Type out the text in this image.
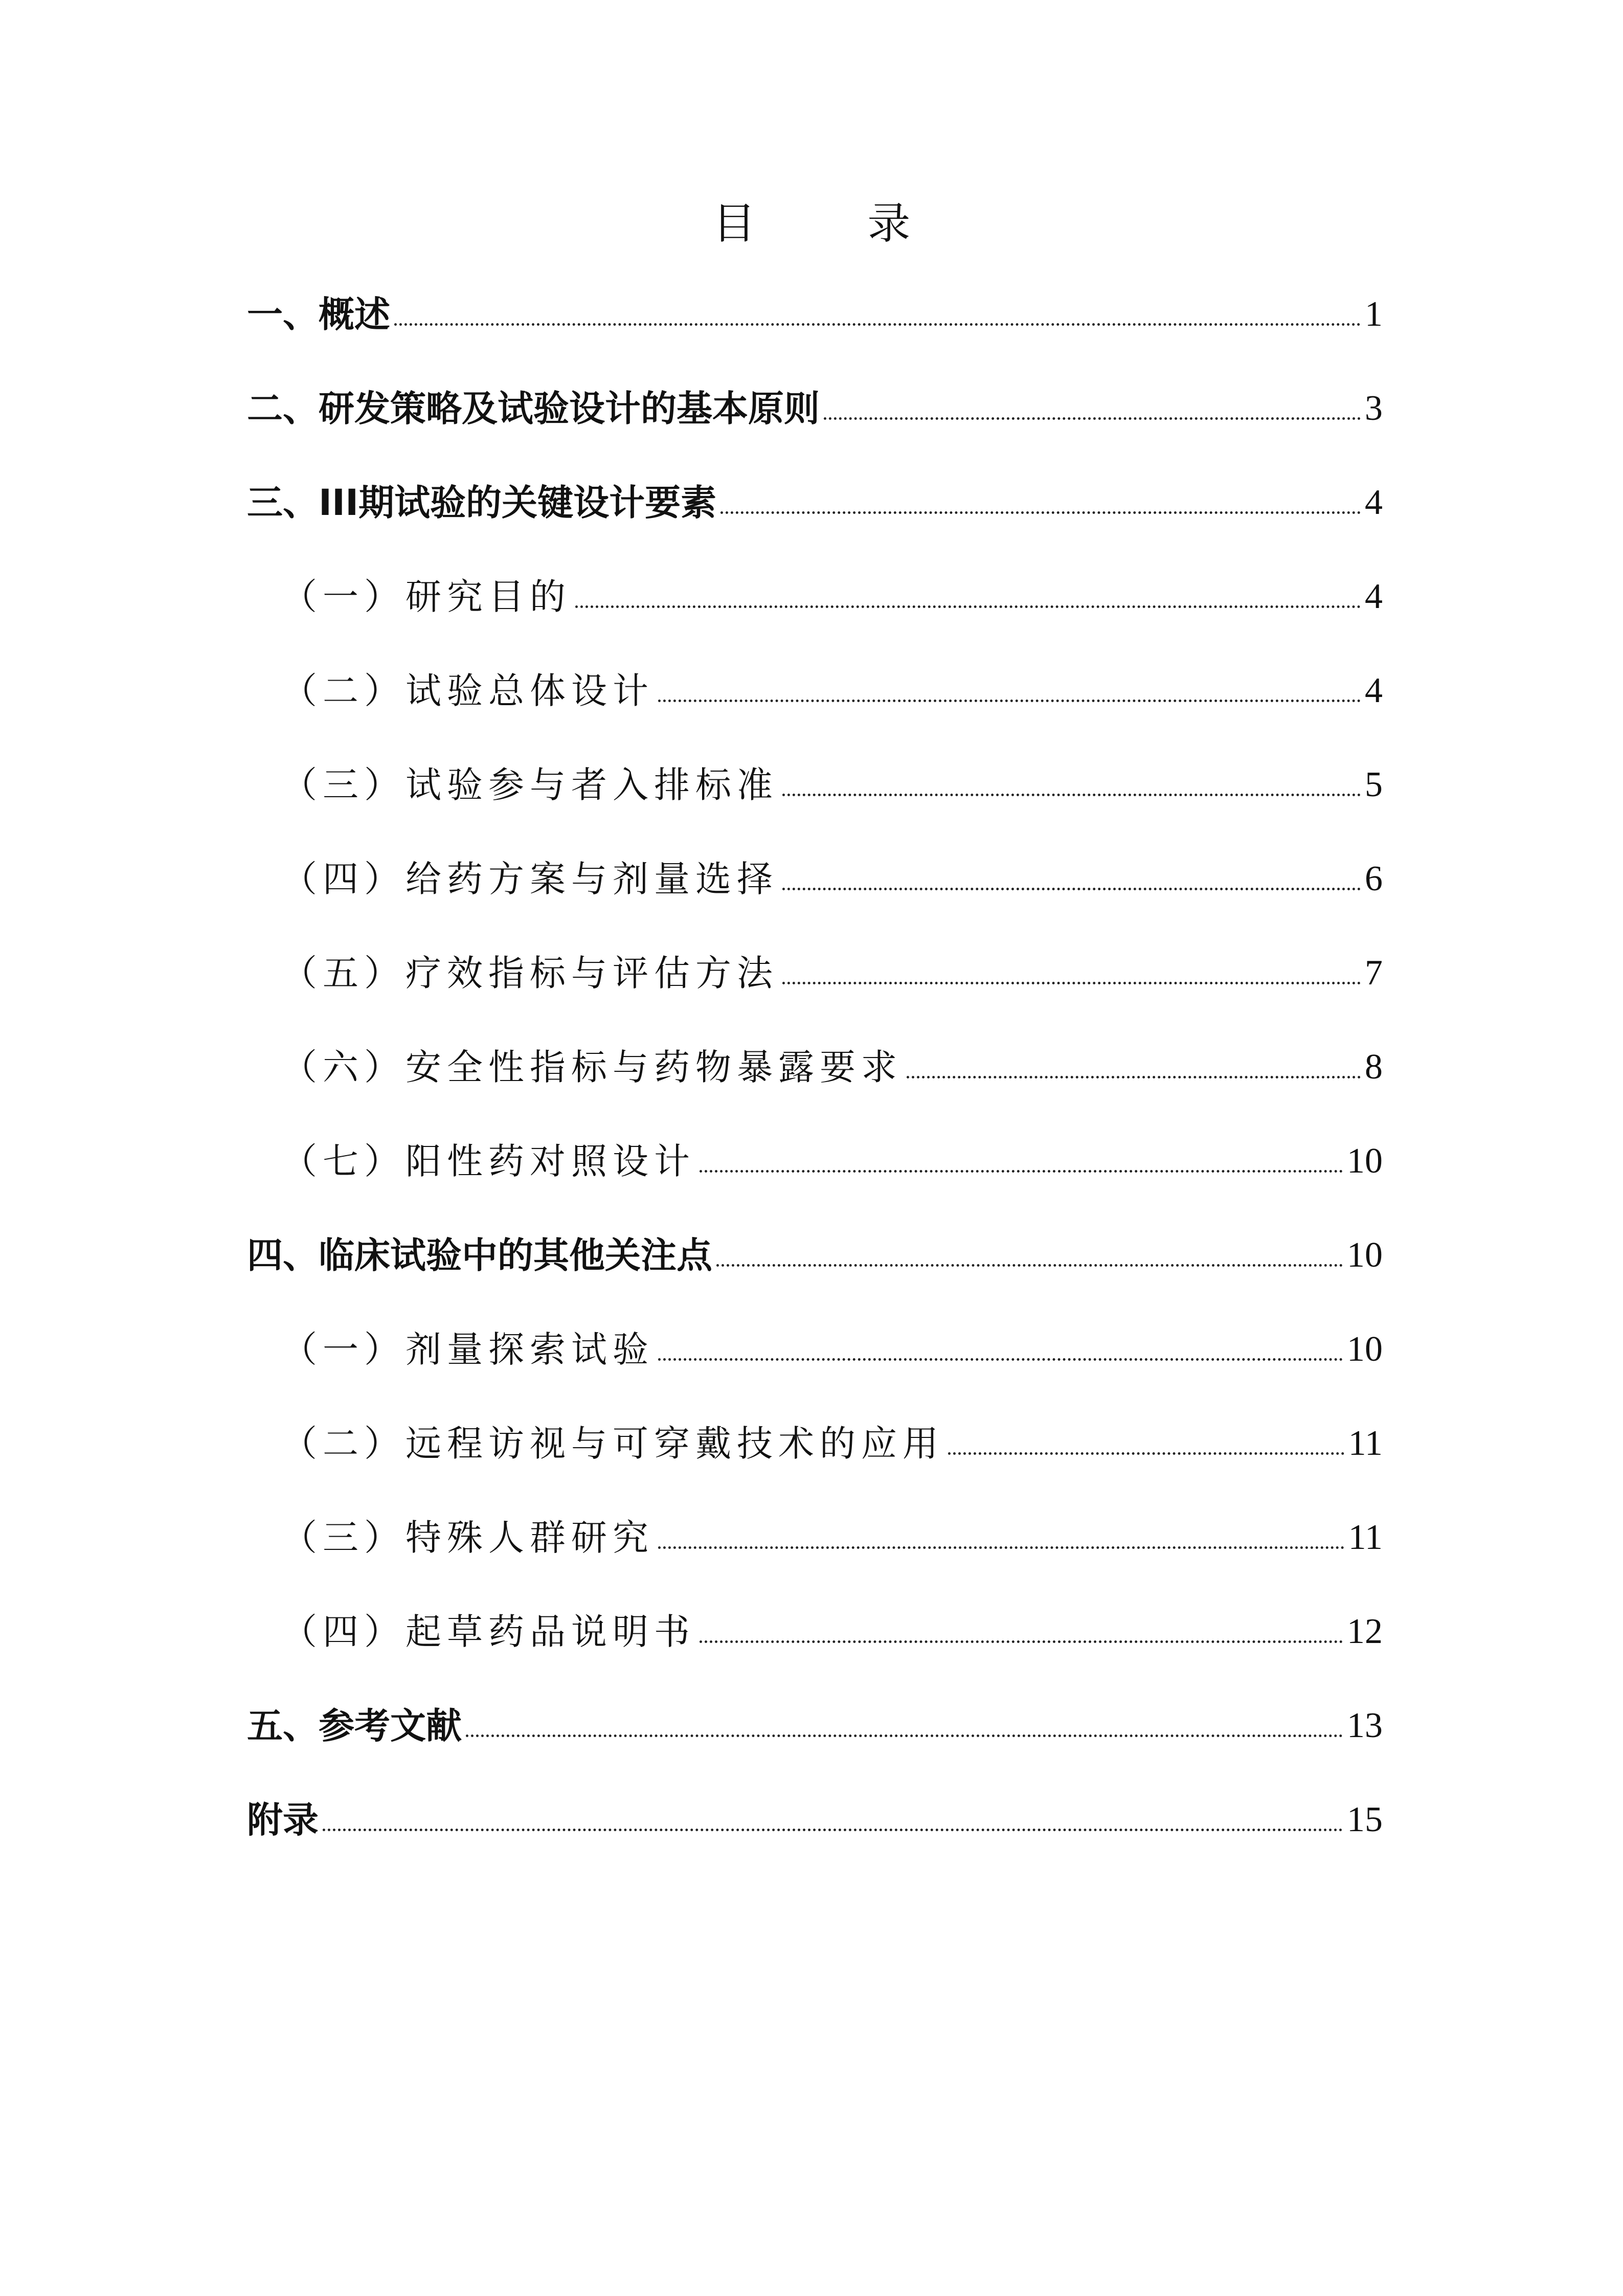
目 录
一、概述	1
二、研发策略及试验设计的基本原则	3
三、III期试验的关键设计要素	4
（一）研究目的	4
（二）试验总体设计	4
（三）试验参与者入排标准	5
（四）给药方案与剂量选择	6
（五）疗效指标与评估方法	7
（六）安全性指标与药物暴露要求	8
（七）阳性药对照设计	10
四、临床试验中的其他关注点	10
（一）剂量探索试验	10
（二）远程访视与可穿戴技术的应用	11
（三）特殊人群研究	11
（四）起草药品说明书	12
五、参考文献	13
附录	15
